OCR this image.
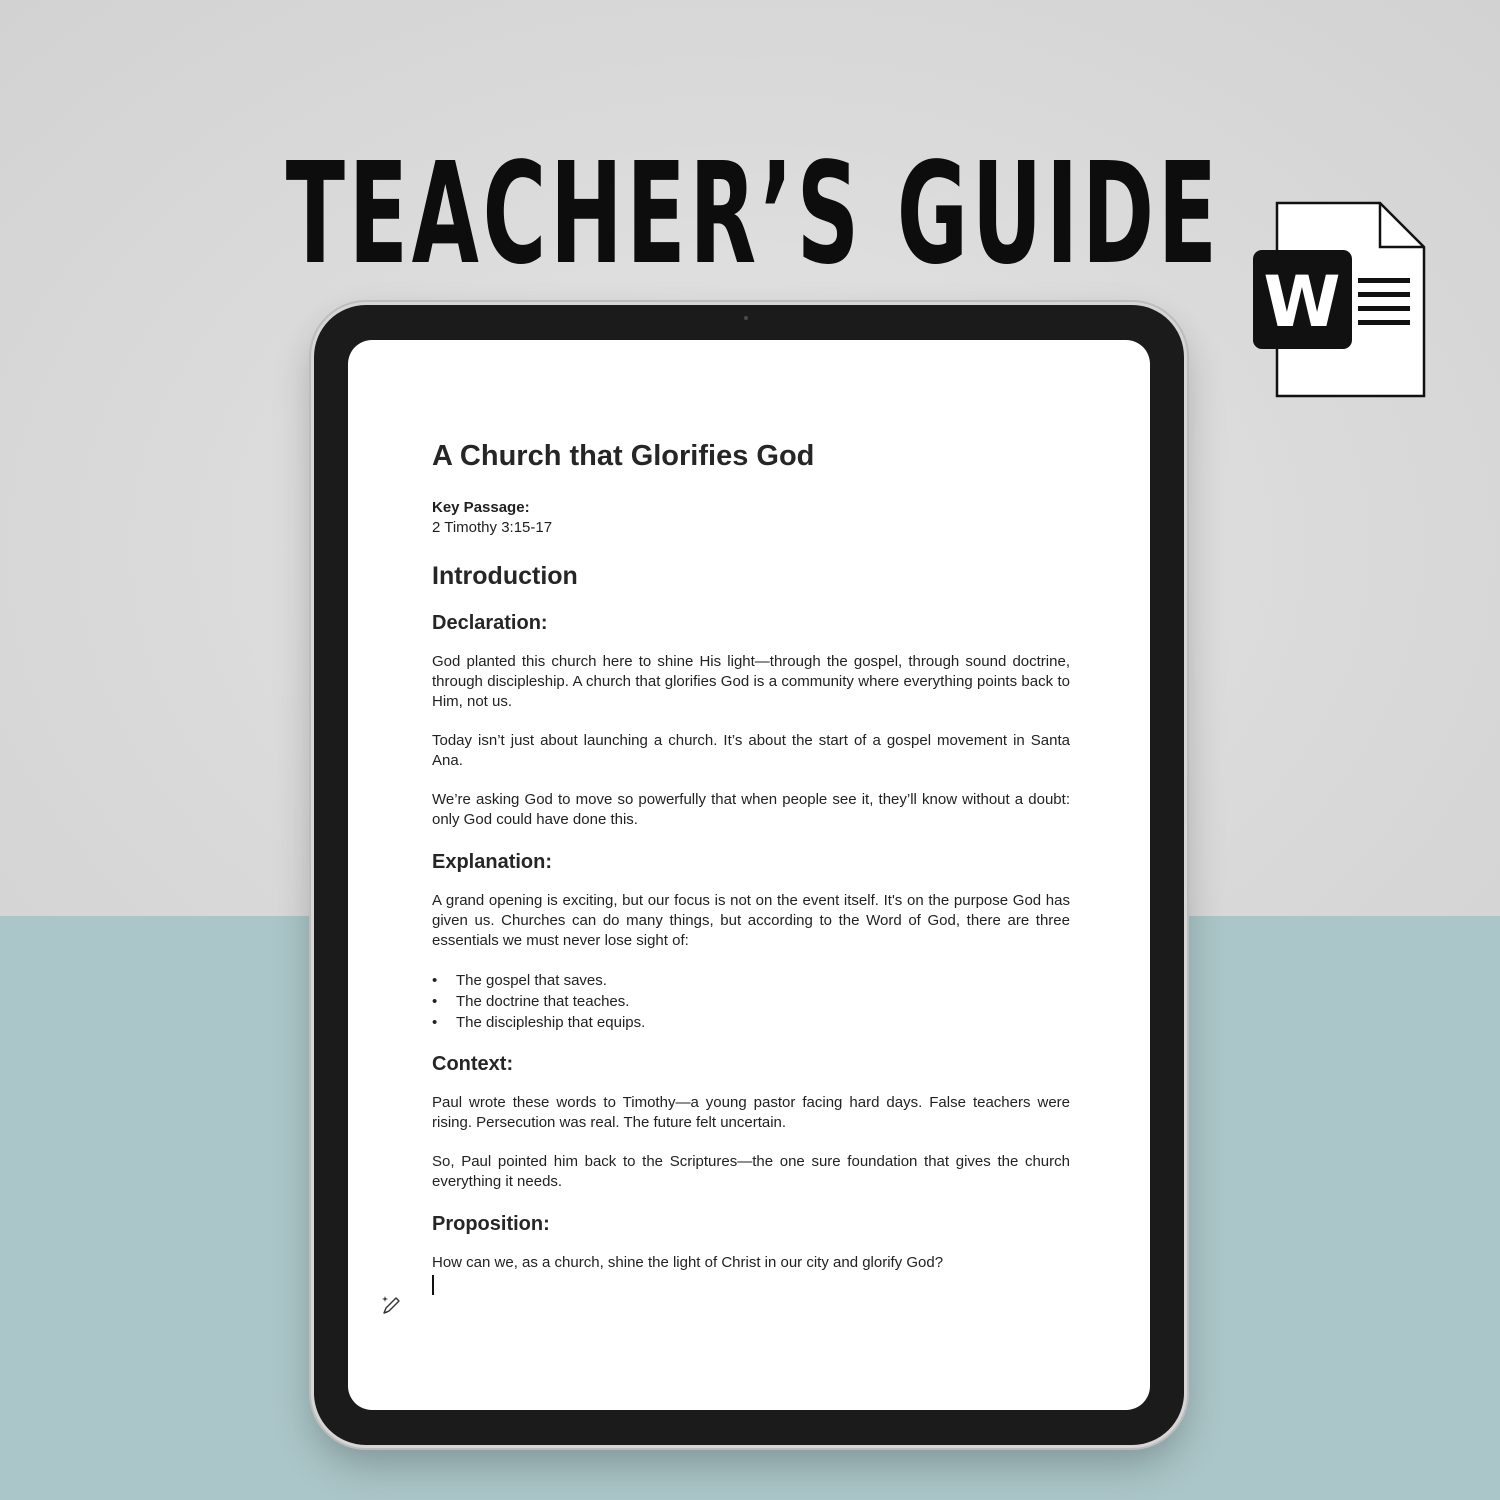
TEACHER’S GUIDE
W
A Church that Glorifies God
Key Passage:
2 Timothy 3:15-17
Introduction
Declaration:

God planted this church here to shine His light—through the gospel, through sound doctrine, through discipleship. A church that glorifies God is a community where everything points back to Him, not us.

Today isn’t just about launching a church. It’s about the start of a gospel movement in Santa Ana.

We’re asking God to move so powerfully that when people see it, they’ll know without a doubt: only God could have done this.

Explanation:

A grand opening is exciting, but our focus is not on the event itself. It's on the purpose God has given us. Churches can do many things, but according to the Word of God, there are three essentials we must never lose sight of:

• The gospel that saves.
• The doctrine that teaches.
• The discipleship that equips.
Context:

Paul wrote these words to Timothy—a young pastor facing hard days. False teachers were rising. Persecution was real. The future felt uncertain.

So, Paul pointed him back to the Scriptures—the one sure foundation that gives the church everything it needs.

Proposition:

How can we, as a church, shine the light of Christ in our city and glorify God?
